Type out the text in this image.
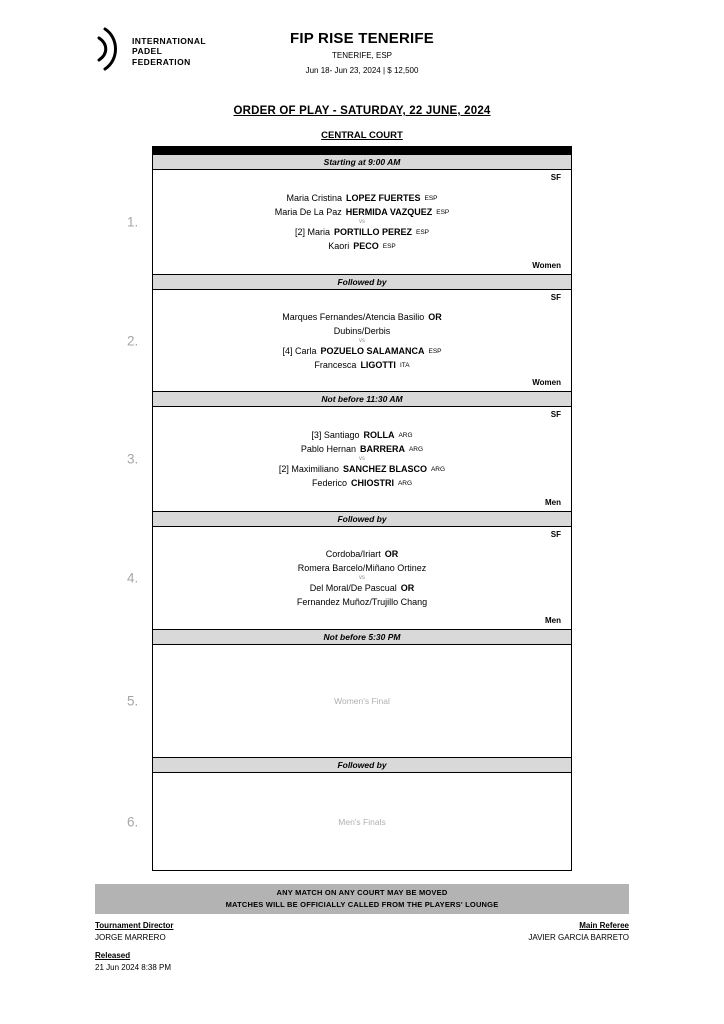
INTERNATIONAL
PADEL
FEDERATION
FIP RISE TENERIFE
TENERIFE, ESP
Jun 18- Jun 23, 2024 | $ 12,500
ORDER OF PLAY - SATURDAY, 22 JUNE, 2024
CENTRAL COURT
Starting at 9:00 AM
1.
SF
Maria Cristina LOPEZ FUERTES ESP
Maria De La Paz HERMIDA VAZQUEZ ESP
vs
[2] Maria PORTILLO PEREZ ESP
Kaori PECO ESP
Women
Followed by
2.
SF
Marques Fernandes/Atencia Basilio OR
Dubins/Derbis
vs
[4] Carla POZUELO SALAMANCA ESP
Francesca LIGOTTI ITA
Women
Not before 11:30 AM
3.
SF
[3] Santiago ROLLA ARG
Pablo Hernan BARRERA ARG
vs
[2] Maximiliano SANCHEZ BLASCO ARG
Federico CHIOSTRI ARG
Men
Followed by
4.
SF
Cordoba/Iriart OR
Romera Barcelo/Miñano Ortinez
vs
Del Moral/De Pascual OR
Fernandez Muñoz/Trujillo Chang
Men
Not before 5:30 PM
5.	Women's Final
Followed by
6.	Men's Finals
ANY MATCH ON ANY COURT MAY BE MOVED
MATCHES WILL BE OFFICIALLY CALLED FROM THE PLAYERS' LOUNGE
Tournament Director
JORGE MARRERO
Released
21 Jun 2024 8:38 PM
Main Referee
JAVIER GARCIA BARRETO
